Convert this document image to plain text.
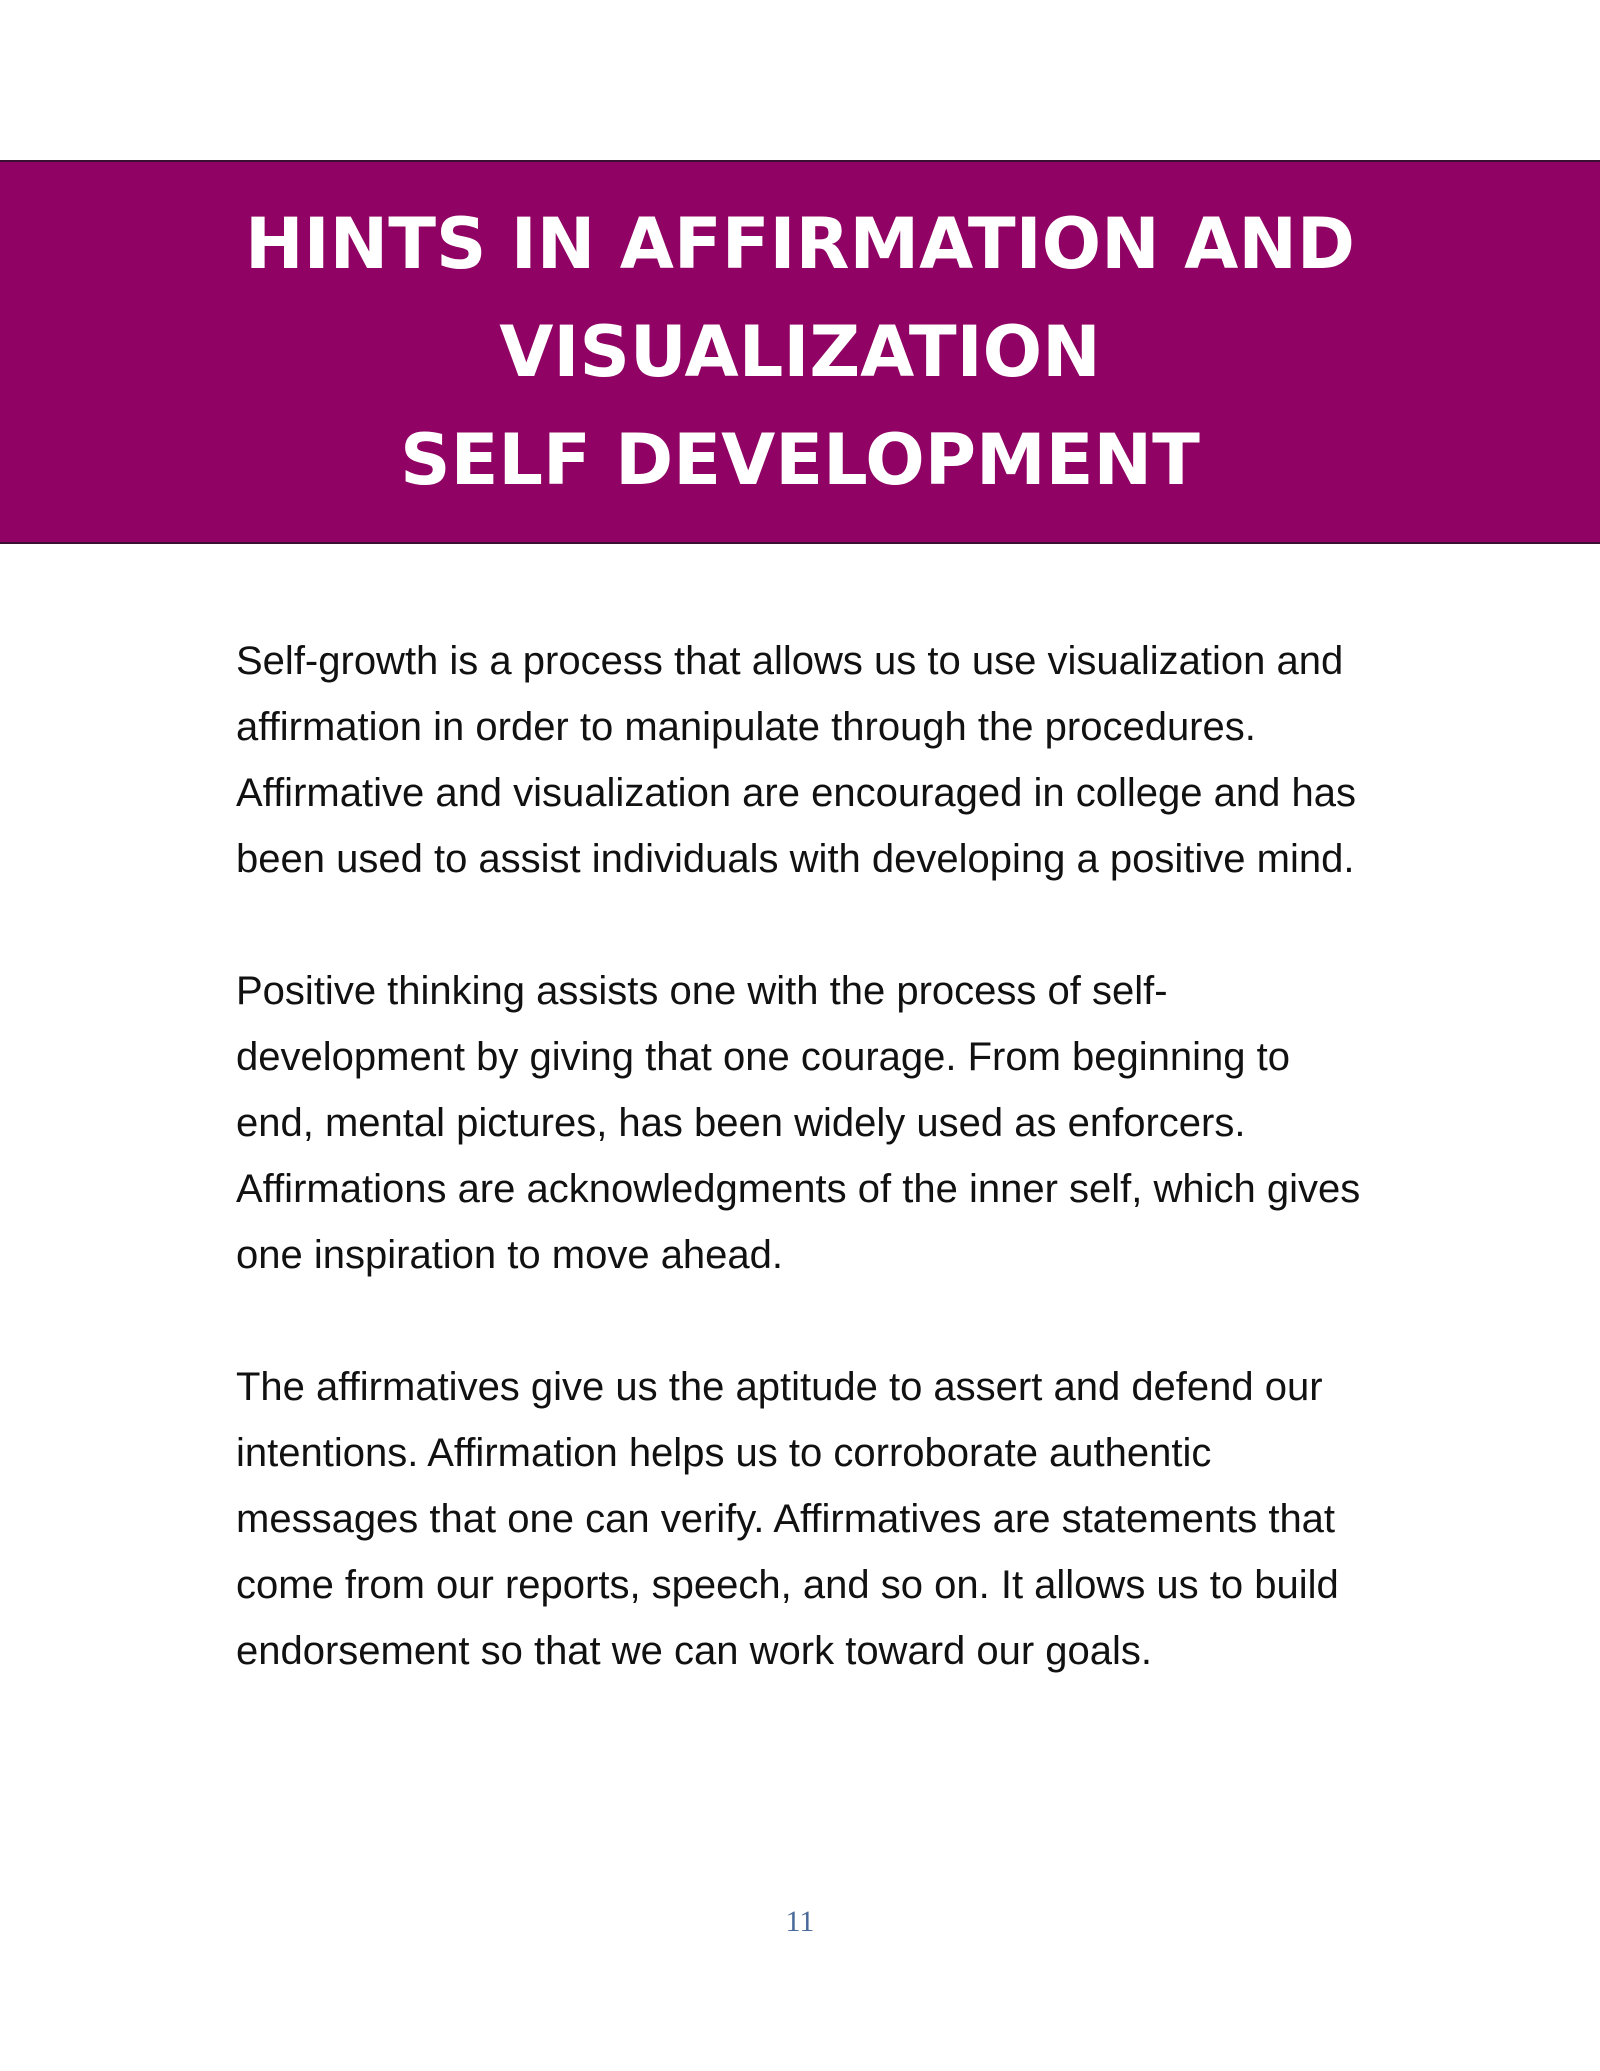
HINTS IN AFFIRMATION AND
VISUALIZATION
SELF DEVELOPMENT

Self-growth is a process that allows us to use visualization and affirmation in order to manipulate through the procedures. Affirmative and visualization are encouraged in college and has been used to assist individuals with developing a positive mind.

Positive thinking assists one with the process of self-development by giving that one courage. From beginning to end, mental pictures, has been widely used as enforcers. Affirmations are acknowledgments of the inner self, which gives one inspiration to move ahead.

The affirmatives give us the aptitude to assert and defend our intentions. Affirmation helps us to corroborate authentic messages that one can verify. Affirmatives are statements that come from our reports, speech, and so on. It allows us to build endorsement so that we can work toward our goals.

11
